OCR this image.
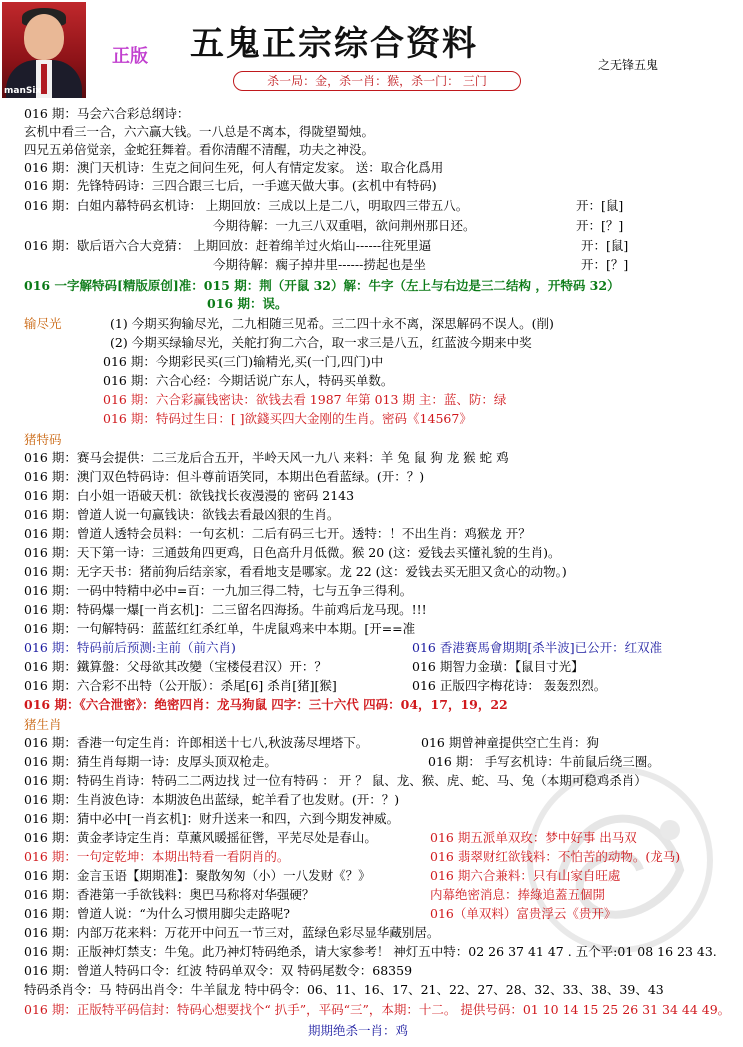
manSix
正版 五鬼正宗综合资料
之无锋五鬼
杀一局：金，杀一肖：猴，杀一门： 三门
016 期：马会六合彩总纲诗：
玄机中看三一合，六六赢大钱。一八总是不离本，得陇望蜀烛。
四兄五弟倍觉亲，金蛇狂舞着。看你清醒不清醒，功夫之神没。
016 期：澳门天机诗：生克之间问生死，何人有情定发家。 送：取合化爲用
016 期：先锋特码诗：三四合跟三七后，一手遮天做大事。(玄机中有特码)
016 期：白姐内幕特码玄机诗： 上期回放：三成以上是二八，明取四三带五八。	开：[鼠]
今期待解：一九三八双重唱，欲问荆州那日还。	开：[？]
016 期：歇后语六合大竞猜： 上期回放：赶着绵羊过火焰山------往死里逼	开：[鼠]
今期待解：瘸子掉井里------捞起也是坐	开：[？]
016 一字解特码[精版原创]准：015 期：荆（开鼠 32）解：牛字（左上与右边是三二结构 ，开特码 32）
016 期：误。
输尽光	(1) 今期买狗输尽光，二九相随三见希。三二四十永不离，深思解码不误人。(削)
(2) 今期买绿输尽光，关舵打狗二六合，取一求三是八五，红蓝波今期来中奖
016 期：今期彩民买(三门)输精光,买(一门,四门)中
016 期：六合心经：今期话说广东人，特码买单数。
016 期：六合彩赢钱密诀：欲钱去看 1987 年第 013 期 主：蓝、防：绿
016 期：特码过生日：[ ]欲錢买四大金刚的生肖。密码《14567》
猪特码
016 期：赛马会提供：二三龙后合五开，半岭天风一九八 来料：羊 兔 鼠 狗 龙 猴 蛇 鸡
016 期：澳门双色特码诗：但斗尊前语笑同，本期出色看蓝绿。(开：？)
016 期：白小姐一语破天机：欲钱找长夜漫漫的 密码 2143
016 期：曾道人说一句赢钱诀：欲钱去看最凶狠的生肖。
016 期：曾道人透特会员料：一句玄机：二后有码三七开。透特：！不出生肖：鸡猴龙 开？
016 期：天下第一诗：三通鼓角四更鸡，日色高升月低微。猴 20 (这：爱钱去买懂礼貌的生肖)。
016 期：无字天书：猪前狗后结亲家，看看地支是哪家。龙 22 (这：爱钱去买无胆又贪心的动物。)
016 期：一码中特精中必中=百：一九加三得二特，七与五争三得利。
016 期：特码爆一爆[一肖玄机]：二三留名四海扬。牛前鸡后龙马现。!!!
016 期：一句解特码：蓝蓝红红杀红单，牛虎鼠鸡来中本期。[开==准
016 期：特码前后预测:主前（前六肖)	016 香港赛馬會期期[杀半波]已公开：红双准
016 期：鐵算盤：父母欲其改變（宝楼侵君汉）开：？	016 期智力金璜：【鼠目寸光】
016 期：六合彩不出特（公开版）：杀尾[6] 杀肖[猪][猴]	016 正版四字梅花诗： 轰轰烈烈。
016 期：《六合泄密》：绝密四肖：龙马狗鼠 四字：三十六代 四码：04，17，19，22
猪生肖
016 期：香港一句定生肖：许郎相送十七八,秋波荡尽埋塔下。	016 期曾神童提供空亡生肖：狗
016 期：猜生肖每期一诗：皮厚头顶双枪走。	016 期： 手写玄机诗：牛前鼠后绕三圈。
016 期：特码生肖诗：特码二二两边找 过一位有特码 ： 开 ？ 鼠、龙、猴、虎、蛇、马、兔（本期可稳鸡杀肖）
016 期：生肖波色诗：本期波色出蓝绿，蛇羊看了也发财。(开：？)
016 期：猜中必中[一肖玄机]：财升送来一和四，六到今期发神威。
016 期：黄金孝诗定生肖：草薰风暖摇征辔，平芜尽处是春山。	016 期五派单双玫：梦中好事 出马双
016 期：一句定乾坤：本期出特看一看阴肖的。	016 翡翠财红欲钱料：不怕苦的动物。(龙马)
016 期：金言玉语【期期准】：聚散匆匆（小）一八发财《？》	016 期六合兼料：只有山家自旺處
016 期：香港第一手欲钱料：奥巴马称将对华强硬？	内幕绝密消息：捧綠追蓋五個開
016 期：曾道人说：“为什么习惯用脚尖走路呢?	016（单双料）富贵浮云《贵开》
016 期：内部万花来料：万花开中问五一节三对，蓝绿色彩尽显华藏别居。
016 期：正版神灯禁支：牛兔。此乃神灯特码绝杀，请大家参考！ 神灯五中特：02 26 37 41 47 . 五个平:01 08 16 23 43.
016 期：曾道人特码口令：红波 特码单双令：双 特码尾数令：68359
特码杀肖令：马 特码出肖令：牛羊鼠龙 特中码令：06、11、16、17、21、22、27、28、32、33、38、39、43
016 期：正版特平码信封：特码心想要找个“ 扒手”，平码“三”，本期：十二。 提供号码：01 10 14 15 25 26 31 34 44 49。
期期绝杀一肖：鸡
